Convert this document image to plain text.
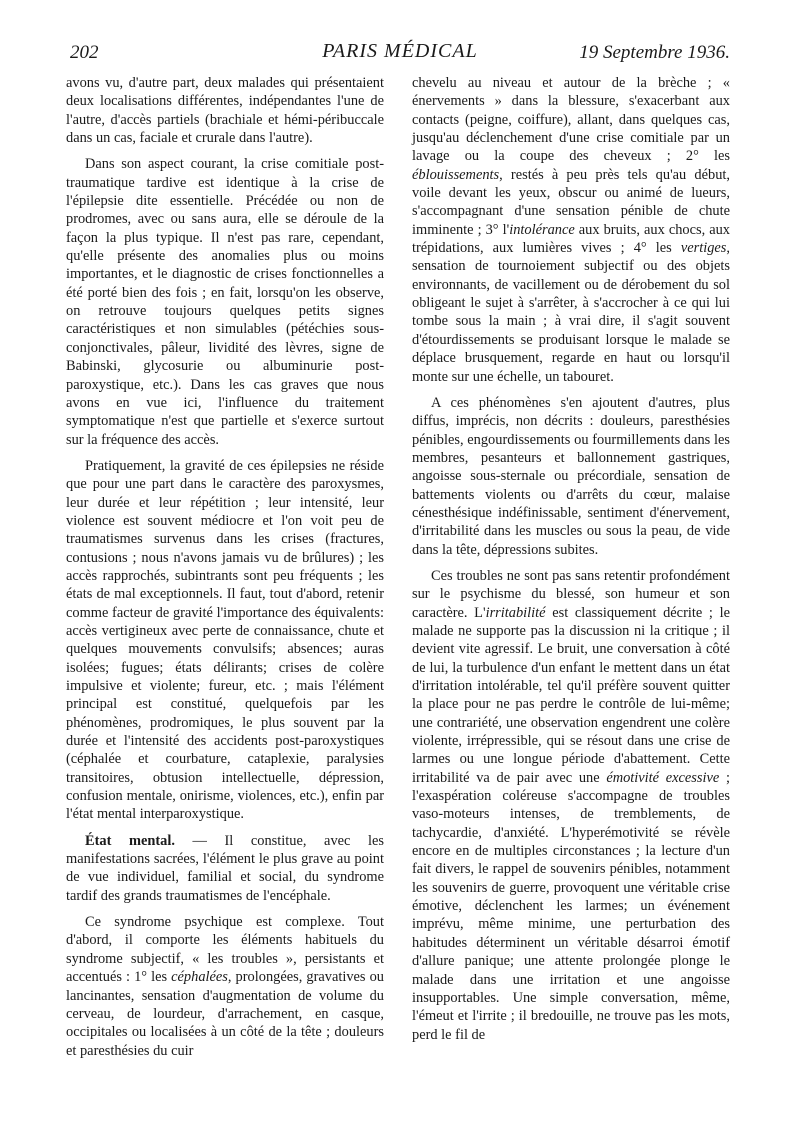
202	PARIS MÉDICAL	19 Septembre 1936.

avons vu, d'autre part, deux malades qui présentaient deux localisations différentes, indépendantes l'une de l'autre, d'accès partiels (brachiale et hémi-péribuccale dans un cas, faciale et crurale dans l'autre).

Dans son aspect courant, la crise comitiale post-traumatique tardive est identique à la crise de l'épilepsie dite essentielle. Précédée ou non de prodromes, avec ou sans aura, elle se déroule de la façon la plus typique. Il n'est pas rare, cependant, qu'elle présente des anomalies plus ou moins importantes, et le diagnostic de crises fonctionnelles a été porté bien des fois ; en fait, lorsqu'on les observe, on retrouve toujours quelques petits signes caractéristiques et non simulables (pétéchies sous-conjonctivales, pâleur, lividité des lèvres, signe de Babinski, glycosurie ou albuminurie post-paroxystique, etc.). Dans les cas graves que nous avons en vue ici, l'influence du traitement symptomatique n'est que partielle et s'exerce surtout sur la fréquence des accès.

Pratiquement, la gravité de ces épilepsies ne réside que pour une part dans le caractère des paroxysmes, leur durée et leur répétition ; leur intensité, leur violence est souvent médiocre et l'on voit peu de traumatismes survenus dans les crises (fractures, contusions ; nous n'avons jamais vu de brûlures) ; les accès rapprochés, subintrants sont peu fréquents ; les états de mal exceptionnels. Il faut, tout d'abord, retenir comme facteur de gravité l'importance des équivalents: accès vertigineux avec perte de connaissance, chute et quelques mouvements convulsifs; absences; auras isolées; fugues; états délirants; crises de colère impulsive et violente; fureur, etc. ; mais l'élément principal est constitué, quelquefois par les phénomènes, prodromiques, le plus souvent par la durée et l'intensité des accidents post-paroxystiques (céphalée et courbature, cataplexie, paralysies transitoires, obtusion intellectuelle, dépression, confusion mentale, onirisme, violences, etc.), enfin par l'état mental interparoxystique.

État mental. — Il constitue, avec les manifestations sacrées, l'élément le plus grave au point de vue individuel, familial et social, du syndrome tardif des grands traumatismes de l'encéphale.

Ce syndrome psychique est complexe. Tout d'abord, il comporte les éléments habituels du syndrome subjectif, « les troubles », persistants et accentués : 1° les céphalées, prolongées, gravatives ou lancinantes, sensation d'augmentation de volume du cerveau, de lourdeur, d'arrachement, en casque, occipitales ou localisées à un côté de la tête ; douleurs et paresthésies du cuir

chevelu au niveau et autour de la brèche ; « énervements » dans la blessure, s'exacerbant aux contacts (peigne, coiffure), allant, dans quelques cas, jusqu'au déclenchement d'une crise comitiale par un lavage ou la coupe des cheveux ; 2° les éblouissements, restés à peu près tels qu'au début, voile devant les yeux, obscur ou animé de lueurs, s'accompagnant d'une sensation pénible de chute imminente ; 3° l'intolérance aux bruits, aux chocs, aux trépidations, aux lumières vives ; 4° les vertiges, sensation de tournoiement subjectif ou des objets environnants, de vacillement ou de dérobement du sol obligeant le sujet à s'arrêter, à s'accrocher à ce qui lui tombe sous la main ; à vrai dire, il s'agit souvent d'étourdissements se produisant lorsque le malade se déplace brusquement, regarde en haut ou lorsqu'il monte sur une échelle, un tabouret.

A ces phénomènes s'en ajoutent d'autres, plus diffus, imprécis, non décrits : douleurs, paresthésies pénibles, engourdissements ou fourmillements dans les membres, pesanteurs et ballonnement gastriques, angoisse sous-sternale ou précordiale, sensation de battements violents ou d'arrêts du cœur, malaise cénesthésique indéfinissable, sentiment d'énervement, d'irritabilité dans les muscles ou sous la peau, de vide dans la tête, dépressions subites.

Ces troubles ne sont pas sans retentir profondément sur le psychisme du blessé, son humeur et son caractère. L'irritabilité est classiquement décrite ; le malade ne supporte pas la discussion ni la critique ; il devient vite agressif. Le bruit, une conversation à côté de lui, la turbulence d'un enfant le mettent dans un état d'irritation intolérable, tel qu'il préfère souvent quitter la place pour ne pas perdre le contrôle de lui-même; une contrariété, une observation engendrent une colère violente, irrépressible, qui se résout dans une crise de larmes ou une longue période d'abattement. Cette irritabilité va de pair avec une émotivité excessive ; l'exaspération coléreuse s'accompagne de troubles vaso-moteurs intenses, de tremblements, de tachycardie, d'anxiété. L'hyperémotivité se révèle encore en de multiples circonstances ; la lecture d'un fait divers, le rappel de souvenirs pénibles, notamment les souvenirs de guerre, provoquent une véritable crise émotive, déclenchent les larmes; un événement imprévu, même minime, une perturbation des habitudes déterminent un véritable désarroi émotif d'allure panique; une attente prolongée plonge le malade dans une irritation et une angoisse insupportables. Une simple conversation, même, l'émeut et l'irrite ; il bredouille, ne trouve pas les mots, perd le fil de
